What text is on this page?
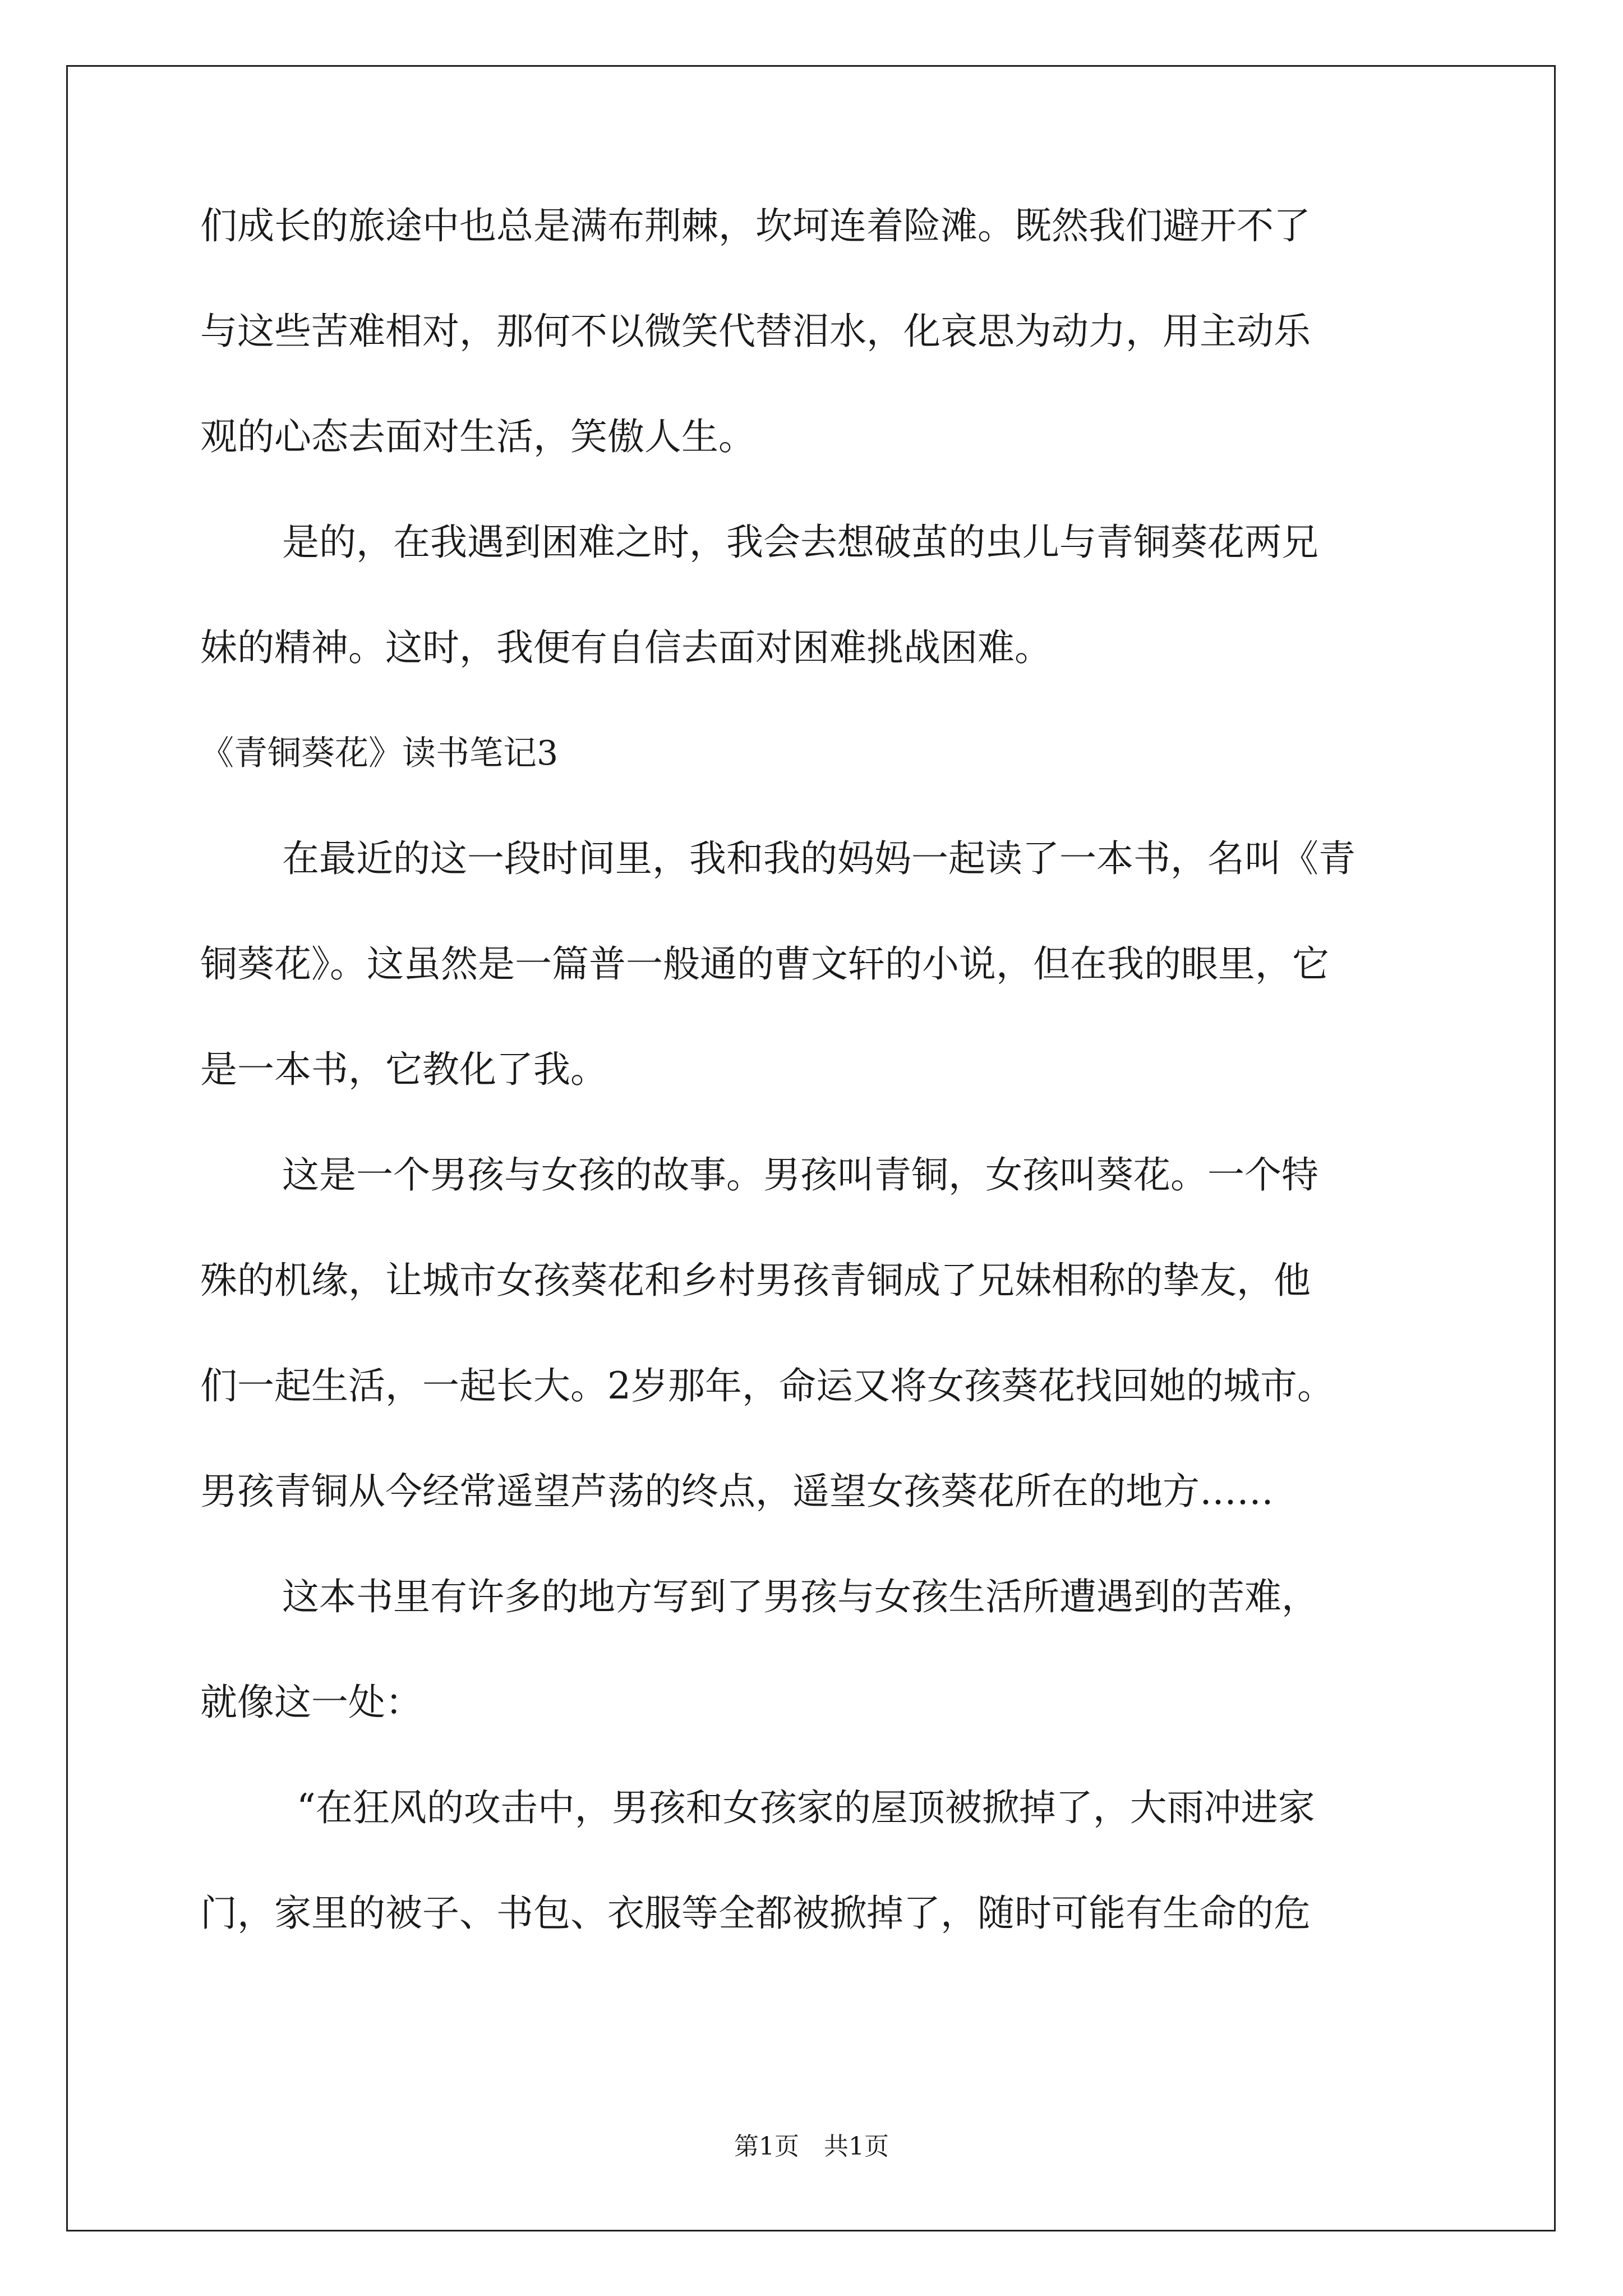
们成长的旅途中也总是满布荆棘，坎坷连着险滩。既然我们避开不了
与这些苦难相对，那何不以微笑代替泪水，化哀思为动力，用主动乐
观的心态去面对生活，笑傲人生。
是的，在我遇到困难之时，我会去想破茧的虫儿与青铜葵花两兄
妹的精神。这时，我便有自信去面对困难挑战困难。
《青铜葵花》读书笔记3
在最近的这一段时间里，我和我的妈妈一起读了一本书，名叫《青
铜葵花》。这虽然是一篇普一般通的曹文轩的小说，但在我的眼里，它
是一本书，它教化了我。
这是一个男孩与女孩的故事。男孩叫青铜，女孩叫葵花。一个特
殊的机缘，让城市女孩葵花和乡村男孩青铜成了兄妹相称的挚友，他
们一起生活，一起长大。2岁那年，命运又将女孩葵花找回她的城市。
男孩青铜从今经常遥望芦荡的终点，遥望女孩葵花所在的地方……
这本书里有许多的地方写到了男孩与女孩生活所遭遇到的苦难，
就像这一处：
“在狂风的攻击中，男孩和女孩家的屋顶被掀掉了，大雨冲进家
门，家里的被子、书包、衣服等全都被掀掉了，随时可能有生命的危
第1页　共1页
